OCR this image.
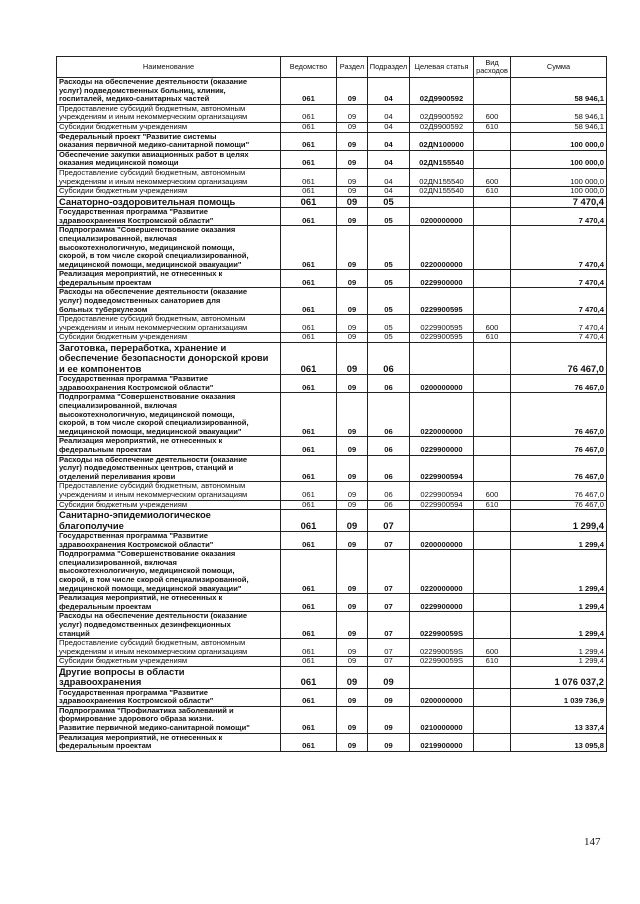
Наименование	Ведомство	Раздел	Подраздел	Целевая статья	Вид расходов	Сумма

Расходы на обеспечение деятельности (оказание
услуг) подведомственных больниц, клиник,
госпиталей, медико-санитарных частей	061	09	04	02Д9900592		58 946,1

Предоставление субсидий бюджетным, автономным
учреждениям и иным некоммерческим организациям	061	09	04	02Д9900592	600	58 946,1

Субсидии бюджетным учреждениям	061	09	04	02Д9900592	610	58 946,1

Федеральный проект "Развитие системы
оказания первичной медико-санитарной помощи"	061	09	04	02ДN100000		100 000,0

Обеспечение закупки авиационных работ в целях
оказания медицинской помощи	061	09	04	02ДN155540		100 000,0

Предоставление субсидий бюджетным, автономным
учреждениям и иным некоммерческим организациям	061	09	04	02ДN155540	600	100 000,0

Субсидии бюджетным учреждениям	061	09	04	02ДN155540	610	100 000,0

Санаторно-оздоровительная помощь	061	09	05			7 470,4

Государственная программа "Развитие
здравоохранения Костромской области"	061	09	05	0200000000		7 470,4

Подпрограмма "Совершенствование оказания
специализированной, включая
высокотехнологичную, медицинской помощи,
скорой, в том числе скорой специализированной,
медицинской помощи, медицинской эвакуации"	061	09	05	0220000000		7 470,4

Реализация мероприятий, не отнесенных к
федеральным проектам	061	09	05	0229900000		7 470,4

Расходы на обеспечение деятельности (оказание
услуг) подведомственных санаториев для
больных туберкулезом	061	09	05	0229900595		7 470,4

Предоставление субсидий бюджетным, автономным
учреждениям и иным некоммерческим организациям	061	09	05	0229900595	600	7 470,4

Субсидии бюджетным учреждениям	061	09	05	0229900595	610	7 470,4

Заготовка, переработка, хранение и
обеспечение безопасности донорской крови
и ее компонентов	061	09	06			76 467,0

Государственная программа "Развитие
здравоохранения Костромской области"	061	09	06	0200000000		76 467,0

Подпрограмма "Совершенствование оказания
специализированной, включая
высокотехнологичную, медицинской помощи,
скорой, в том числе скорой специализированной,
медицинской помощи, медицинской эвакуации"	061	09	06	0220000000		76 467,0

Реализация мероприятий, не отнесенных к
федеральным проектам	061	09	06	0229900000		76 467,0

Расходы на обеспечение деятельности (оказание
услуг) подведомственных центров, станций и
отделений переливания крови	061	09	06	0229900594		76 467,0

Предоставление субсидий бюджетным, автономным
учреждениям и иным некоммерческим организациям	061	09	06	0229900594	600	76 467,0

Субсидии бюджетным учреждениям	061	09	06	0229900594	610	76 467,0

Санитарно-эпидемиологическое
благополучие	061	09	07			1 299,4

Государственная программа "Развитие
здравоохранения Костромской области"	061	09	07	0200000000		1 299,4

Подпрограмма "Совершенствование оказания
специализированной, включая
высокотехнологичную, медицинской помощи,
скорой, в том числе скорой специализированной,
медицинской помощи, медицинской эвакуации"	061	09	07	0220000000		1 299,4

Реализация мероприятий, не отнесенных к
федеральным проектам	061	09	07	0229900000		1 299,4

Расходы на обеспечение деятельности (оказание
услуг) подведомственных дезинфекционных
станций	061	09	07	022990059S		1 299,4

Предоставление субсидий бюджетным, автономным
учреждениям и иным некоммерческим организациям	061	09	07	022990059S	600	1 299,4

Субсидии бюджетным учреждениям	061	09	07	022990059S	610	1 299,4

Другие вопросы в области
здравоохранения	061	09	09			1 076 037,2

Государственная программа "Развитие
здравоохранения Костромской области"	061	09	09	0200000000		1 039 736,9

Подпрограмма "Профилактика заболеваний и
формирование здорового образа жизни.
Развитие первичной медико-санитарной помощи"	061	09	09	0210000000		13 337,4

Реализация мероприятий, не отнесенных к
федеральным проектам	061	09	09	0219900000		13 095,8
147
